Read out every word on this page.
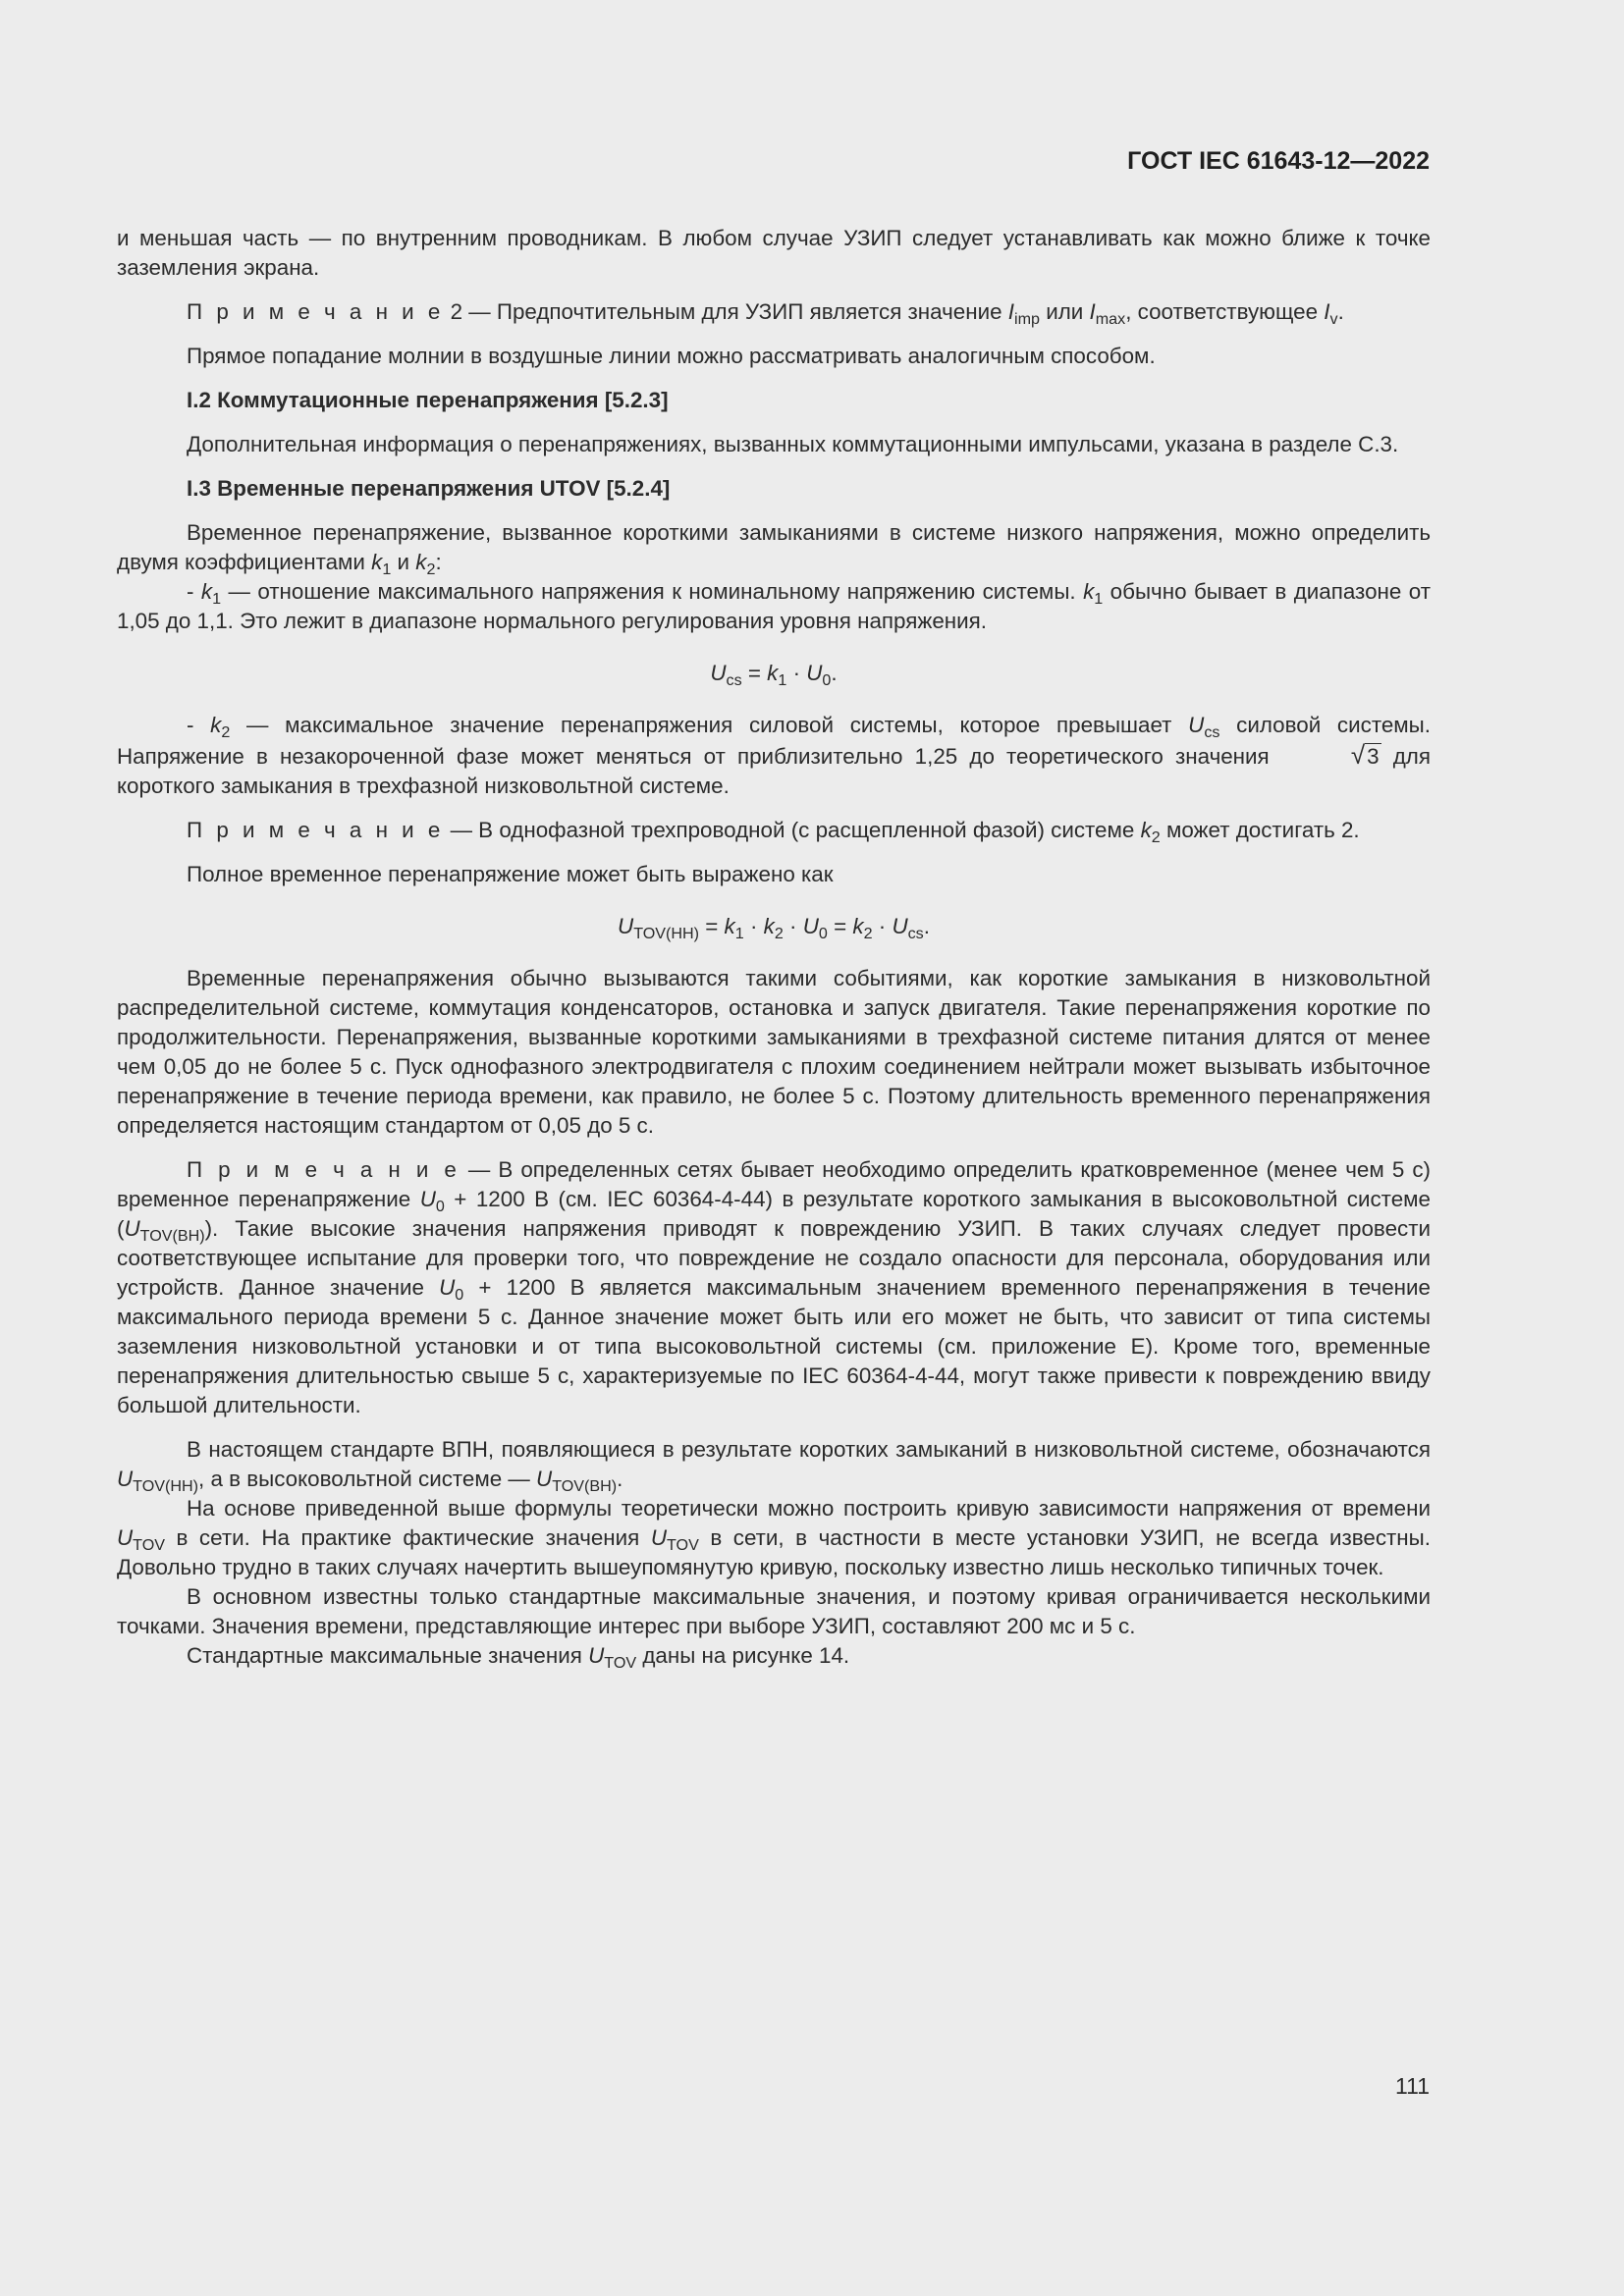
ГОСТ IEC 61643-12—2022

и меньшая часть — по внутренним проводникам. В любом случае УЗИП следует устанавливать как можно ближе к точке заземления экрана.

П р и м е ч а н и е 2 — Предпочтительным для УЗИП является значение $I_{imp}$ или $I_{max}$, соответствующее $I_v$.

Прямое попадание молнии в воздушные линии можно рассматривать аналогичным способом.

I.2 Коммутационные перенапряжения [5.2.3]

Дополнительная информация о перенапряжениях, вызванных коммутационными импульсами, указана в разделе С.3.

I.3 Временные перенапряжения UTOV [5.2.4]

Временное перенапряжение, вызванное короткими замыканиями в системе низкого напряжения, можно определить двумя коэффициентами $k_1$ и $k_2$:

- $k_1$ — отношение максимального напряжения к номинальному напряжению системы. $k_1$ обычно бывает в диапазоне от 1,05 до 1,1. Это лежит в диапазоне нормального регулирования уровня напряжения.

$U_{cs} = k_1 \cdot U_0$.

- $k_2$ — максимальное значение перенапряжения силовой системы, которое превышает $U_{cs}$ силовой системы. Напряжение в незакороченной фазе может меняться от приблизительно 1,25 до теоретического значения	√3 для короткого замыкания в трехфазной низковольтной системе.

П р и м е ч а н и е — В однофазной трехпроводной (с расщепленной фазой) системе $k_2$ может достигать 2.

Полное временное перенапряжение может быть выражено как

$U_{TOV(НН)} = k_1 \cdot k_2 \cdot U_0 = k_2 \cdot U_{cs}$.

Временные перенапряжения обычно вызываются такими событиями, как короткие замыкания в низковольтной распределительной системе, коммутация конденсаторов, остановка и запуск двигателя. Такие перенапряжения короткие по продолжительности. Перенапряжения, вызванные короткими замыканиями в трехфазной системе питания длятся от менее чем 0,05 до не более 5 с. Пуск однофазного электродвигателя с плохим соединением нейтрали может вызывать избыточное перенапряжение в течение периода времени, как правило, не более 5 с. Поэтому длительность временного перенапряжения определяется настоящим стандартом от 0,05 до 5 с.

П р и м е ч а н и е — В определенных сетях бывает необходимо определить кратковременное (менее чем 5 с) временное перенапряжение $U_0 + 1200$ В (см. IEC 60364-4-44) в результате короткого замыкания в высоковольтной системе $(U_{TOV(ВН)})$. Такие высокие значения напряжения приводят к повреждению УЗИП. В таких случаях следует провести соответствующее испытание для проверки того, что повреждение не создало опасности для персонала, оборудования или устройств. Данное значение $U_0 + 1200$ В является максимальным значением временного перенапряжения в течение максимального периода времени 5 с. Данное значение может быть или его может не быть, что зависит от типа системы заземления низковольтной установки и от типа высоковольтной системы (см. приложение Е). Кроме того, временные перенапряжения длительностью свыше 5 с, характеризуемые по IEC 60364-4-44, могут также привести к повреждению ввиду большой длительности.

В настоящем стандарте ВПН, появляющиеся в результате коротких замыканий в низковольтной системе, обозначаются $U_{TOV(НН)}$, а в высоковольтной системе — $U_{TOV(ВН)}$.

На основе приведенной выше формулы теоретически можно построить кривую зависимости напряжения от времени $U_{TOV}$ в сети. На практике фактические значения $U_{TOV}$ в сети, в частности в месте установки УЗИП, не всегда известны. Довольно трудно в таких случаях начертить вышеупомянутую кривую, поскольку известно лишь несколько типичных точек.

В основном известны только стандартные максимальные значения, и поэтому кривая ограничивается несколькими точками. Значения времени, представляющие интерес при выборе УЗИП, составляют 200 мс и 5 с.

Стандартные максимальные значения $U_{TOV}$ даны на рисунке 14.

111
